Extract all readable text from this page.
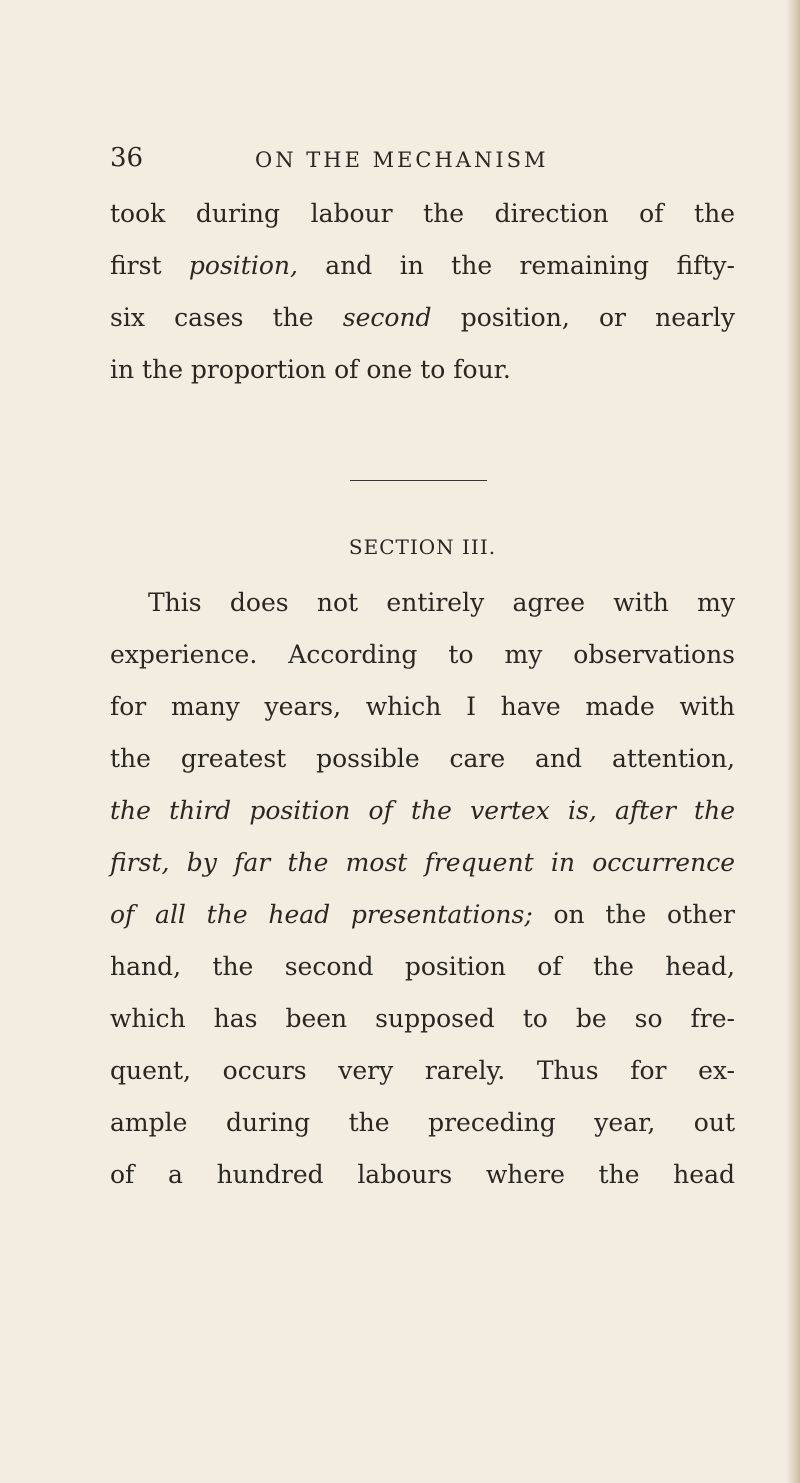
36	ON THE MECHANISM
took during labour the direction of the
first position, and in the remaining fifty-
six cases the second position, or nearly
in the proportion of one to four.
SECTION III.
This does not entirely agree with my
experience. According to my observations
for many years, which I have made with
the greatest possible care and attention,
the third position of the vertex is, after the
first, by far the most frequent in occurrence
of all the head presentations; on the other
hand, the second position of the head,
which has been supposed to be so fre-
quent, occurs very rarely. Thus for ex-
ample during the preceding year, out
of a hundred labours where the head
